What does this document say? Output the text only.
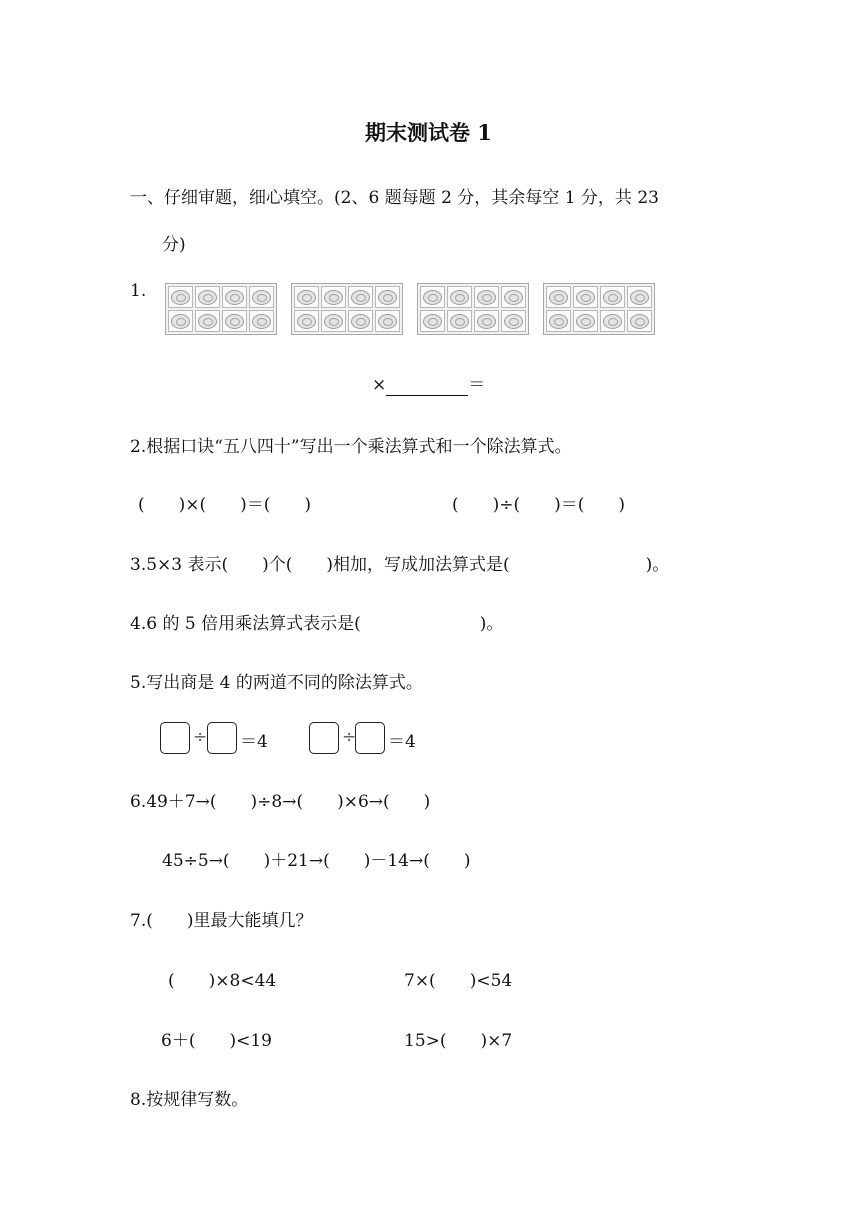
期末测试卷 1
一、仔细审题，细心填空。(2、6 题每题 2 分，其余每空 1 分，共 23
分)
1.
×	＝
2.根据口诀“五八四十”写出一个乘法算式和一个除法算式。
(　　)×(　　)＝(　　)	(　　)÷(　　)＝(　　)
3.5×3 表示(　　)个(　　)相加，写成加法算式是(　　　　　　　　)。
4.6 的 5 倍用乘法算式表示是(　　　　　　　)。
5.写出商是 4 的两道不同的除法算式。
÷ ＝4	÷ ＝4
6.49＋7→(　　)÷8→(　　)×6→(　　)
45÷5→(　　)＋21→(　　)－14→(　　)
7.(　　)里最大能填几？
(　　)×8<44	7×(　　)<54
6＋(　　)<19	15>(　　)×7
8.按规律写数。
